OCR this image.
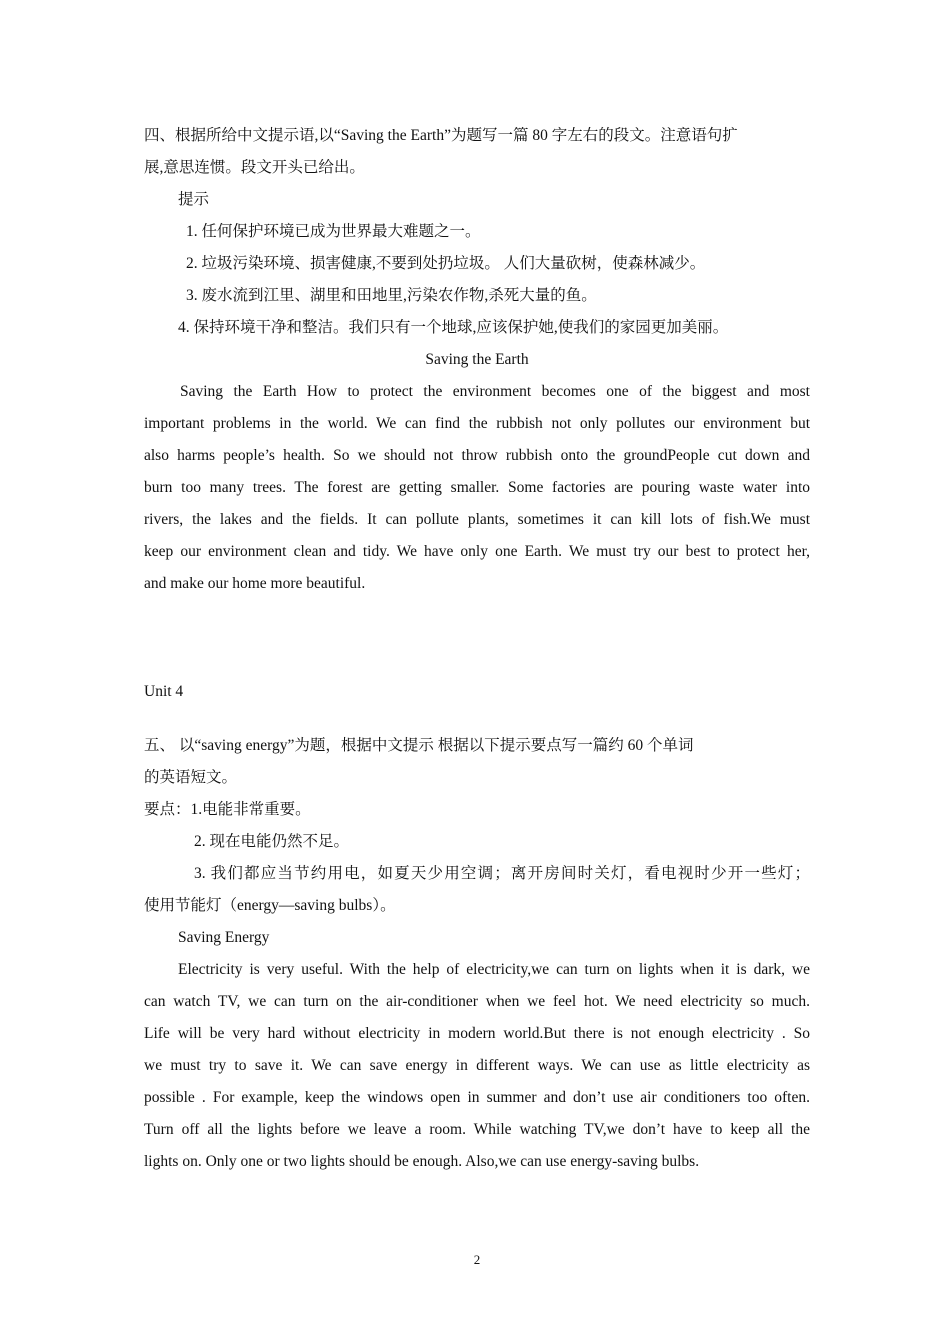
四、根据所给中文提示语,以“Saving the Earth”为题写一篇 80 字左右的段文。注意语句扩
展,意思连惯。段文开头已给出。
提示
1. 任何保护环境已成为世界最大难题之一。
2. 垃圾污染环境、损害健康,不要到处扔垃圾。 人们大量砍树，使森林减少。
3. 废水流到江里、湖里和田地里,污染农作物,杀死大量的鱼。
4. 保持环境干净和整洁。我们只有一个地球,应该保护她,使我们的家园更加美丽。
Saving the Earth
Saving the Earth How to protect the environment becomes one of the biggest and most
important problems in the world. We can find the rubbish not only pollutes our environment but
also harms people’s health. So we should not throw rubbish onto the groundPeople cut down and
burn too many trees. The forest are getting smaller. Some factories are pouring waste water into
rivers, the lakes and the fields. It can pollute plants, sometimes it can kill lots of fish.We must
keep our environment clean and tidy. We have only one Earth. We must try our best to protect her,
and make our home more beautiful.
Unit 4
五、 以“saving energy”为题，根据中文提示 根据以下提示要点写一篇约 60 个单词
的英语短文。
要点：1.电能非常重要。
2. 现在电能仍然不足。
3. 我们都应当节约用电，如夏天少用空调；离开房间时关灯，看电视时少开一些灯；
使用节能灯（energy—saving bulbs）。
Saving Energy
Electricity is very useful. With the help of electricity,we can turn on lights when it is dark, we
can watch TV, we can turn on the air-conditioner when we feel hot. We need electricity so much.
Life will be very hard without electricity in modern world.But there is not enough electricity . So
we must try to save it. We can save energy in different ways. We can use as little electricity as
possible . For example, keep the windows open in summer and don’t use air conditioners too often.
Turn off all the lights before we leave a room. While watching TV,we don’t have to keep all the
lights on. Only one or two lights should be enough. Also,we can use energy-saving bulbs.
2
